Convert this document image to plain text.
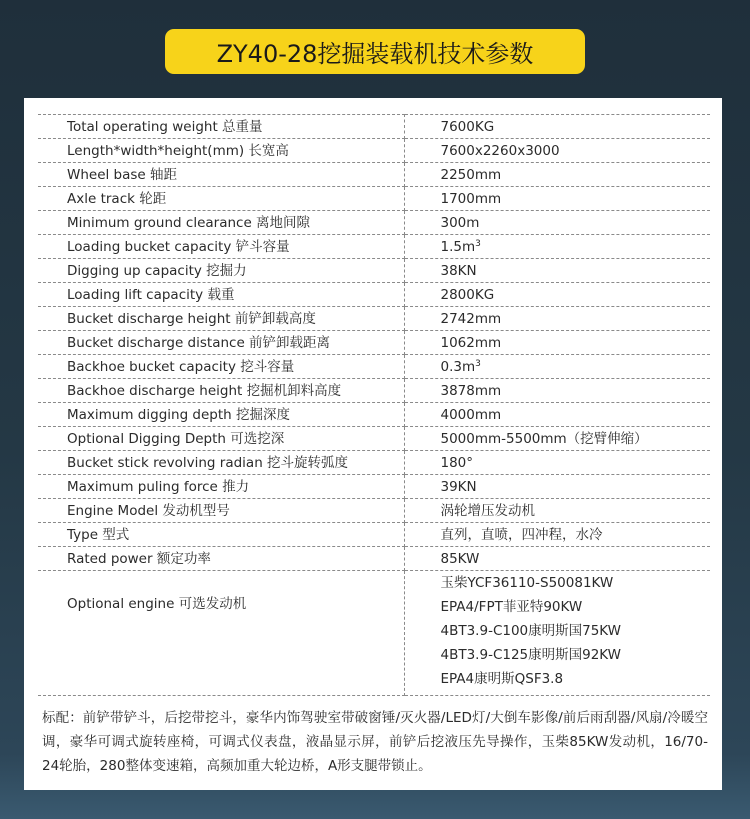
ZY40-28挖掘装载机技术参数
Total operating weight 总重量	7600KG
Length*width*height(mm) 长宽高	7600x2260x3000
Wheel base 轴距	2250mm
Axle track 轮距	1700mm
Minimum ground clearance 离地间隙	300m
Loading bucket capacity 铲斗容量	$1.5m^3$
Digging up capacity 挖掘力	38KN
Loading lift capacity 载重	2800KG
Bucket discharge height 前铲卸载高度	2742mm
Bucket discharge distance 前铲卸载距离	1062mm
Backhoe bucket capacity 挖斗容量	$0.3m^3$
Backhoe discharge height 挖掘机卸料高度	3878mm
Maximum digging depth 挖掘深度	4000mm
Optional Digging Depth 可选挖深	5000mm-5500mm（挖臂伸缩）
Bucket stick revolving radian 挖斗旋转弧度	180°
Maximum puling force 推力	39KN
Engine Model 发动机型号	涡轮增压发动机
Type 型式	直列，直喷，四冲程，水冷
Rated power 额定功率	85KW
Optional engine 可选发动机	玉柴YCF36110-S50081KW
EPA4/FPT菲亚特90KW
4BT3.9-C100康明斯国75KW
4BT3.9-C125康明斯国92KW
EPA4康明斯QSF3.8

标配：前铲带铲斗，后挖带挖斗，豪华内饰驾驶室带破窗锤/灭火器/LED灯/大倒车影像/前后雨刮器/风扇/冷暖空调，豪华可调式旋转座椅，可调式仪表盘，液晶显示屏，前铲后挖液压先导操作，玉柴85KW发动机，16/70-24轮胎，280整体变速箱，高频加重大轮边桥，A形支腿带锁止。
